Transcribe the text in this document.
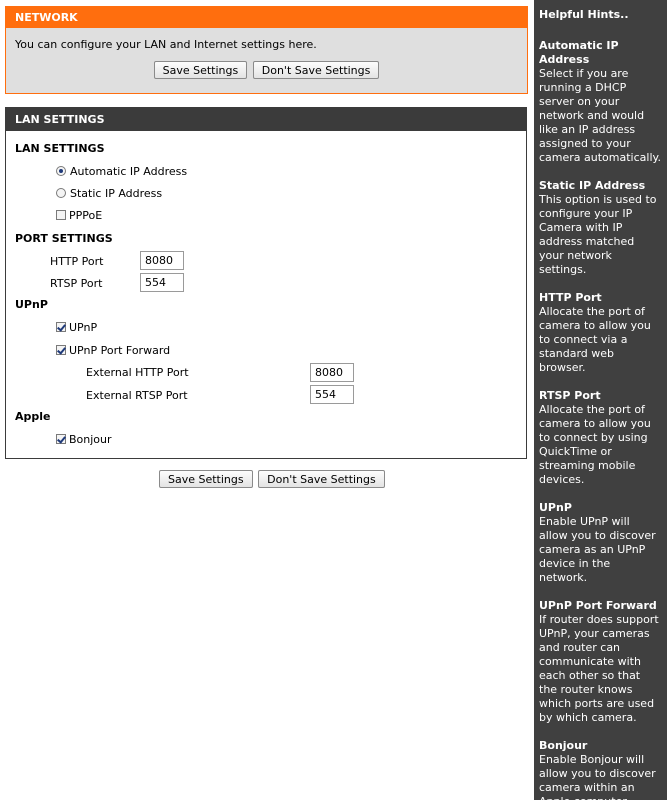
NETWORK
You can configure your LAN and Internet settings here.
Save Settings Don't Save Settings
LAN SETTINGS
LAN SETTINGS
Automatic IP Address
Static IP Address
PPPoE
PORT SETTINGS
HTTP Port
8080
RTSP Port
554
UPnP
UPnP
UPnP Port Forward
External HTTP Port
8080
External RTSP Port
554
Apple
Bonjour
Save Settings Don't Save Settings
Helpful Hints..
Automatic IP Address
Select if you are running a DHCP server on your network and would like an IP address assigned to your camera automatically.
Static IP Address
This option is used to configure your IP Camera with IP address matched your network settings.
HTTP Port
Allocate the port of camera to allow you to connect via a standard web browser.
RTSP Port
Allocate the port of camera to allow you to connect by using QuickTime or streaming mobile devices.
UPnP
Enable UPnP will allow you to discover camera as an UPnP device in the network.
UPnP Port Forward
If router does support UPnP, your cameras and router can communicate with each other so that the router knows which ports are used by which camera.
Bonjour
Enable Bonjour will allow you to discover camera within an Apple computer.
